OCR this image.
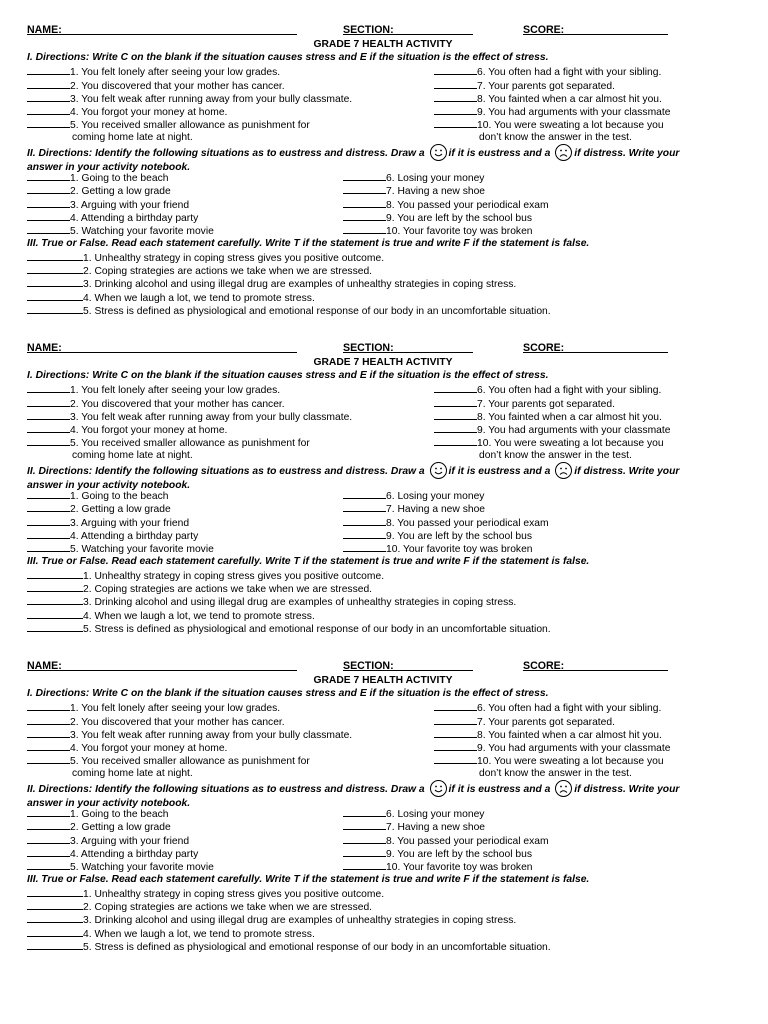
NAME:	SECTION:	SCORE:
GRADE 7 HEALTH ACTIVITY
I. Directions: Write C on the blank if the situation causes stress and E if the situation is the effect of stress.
1. You felt lonely after seeing your low grades.	6. You often had a fight with your sibling.
2. You discovered that your mother has cancer.	7. Your parents got separated.
3. You felt weak after running away from your bully classmate.	8. You fainted when a car almost hit you.
4. You forgot your money at home.	9. You had arguments with your classmate
5. You received smaller allowance as punishment for	10. You were sweating a lot because you
coming home late at night.	don’t know the answer in the test.
II. Directions: Identify the following situations as to eustress and distress. Draw a if it is eustress and a if distress. Write your
answer in your activity notebook.
1. Going to the beach	6. Losing your money
2. Getting a low grade	7. Having a new shoe
3. Arguing with your friend	8. You passed your periodical exam
4. Attending a birthday party	9. You are left by the school bus
5. Watching your favorite movie	10. Your favorite toy was broken
III. True or False. Read each statement carefully. Write T if the statement is true and write F if the statement is false.
1. Unhealthy strategy in coping stress gives you positive outcome.
2. Coping strategies are actions we take when we are stressed.
3. Drinking alcohol and using illegal drug are examples of unhealthy strategies in coping stress.
4. When we laugh a lot, we tend to promote stress.
5. Stress is defined as physiological and emotional response of our body in an uncomfortable situation.
NAME:	SECTION:	SCORE:
GRADE 7 HEALTH ACTIVITY
I. Directions: Write C on the blank if the situation causes stress and E if the situation is the effect of stress.
1. You felt lonely after seeing your low grades.	6. You often had a fight with your sibling.
2. You discovered that your mother has cancer.	7. Your parents got separated.
3. You felt weak after running away from your bully classmate.	8. You fainted when a car almost hit you.
4. You forgot your money at home.	9. You had arguments with your classmate
5. You received smaller allowance as punishment for	10. You were sweating a lot because you
coming home late at night.	don’t know the answer in the test.
II. Directions: Identify the following situations as to eustress and distress. Draw a if it is eustress and a if distress. Write your
answer in your activity notebook.
1. Going to the beach	6. Losing your money
2. Getting a low grade	7. Having a new shoe
3. Arguing with your friend	8. You passed your periodical exam
4. Attending a birthday party	9. You are left by the school bus
5. Watching your favorite movie	10. Your favorite toy was broken
III. True or False. Read each statement carefully. Write T if the statement is true and write F if the statement is false.
1. Unhealthy strategy in coping stress gives you positive outcome.
2. Coping strategies are actions we take when we are stressed.
3. Drinking alcohol and using illegal drug are examples of unhealthy strategies in coping stress.
4. When we laugh a lot, we tend to promote stress.
5. Stress is defined as physiological and emotional response of our body in an uncomfortable situation.
NAME:	SECTION:	SCORE:
GRADE 7 HEALTH ACTIVITY
I. Directions: Write C on the blank if the situation causes stress and E if the situation is the effect of stress.
1. You felt lonely after seeing your low grades.	6. You often had a fight with your sibling.
2. You discovered that your mother has cancer.	7. Your parents got separated.
3. You felt weak after running away from your bully classmate.	8. You fainted when a car almost hit you.
4. You forgot your money at home.	9. You had arguments with your classmate
5. You received smaller allowance as punishment for	10. You were sweating a lot because you
coming home late at night.	don’t know the answer in the test.
II. Directions: Identify the following situations as to eustress and distress. Draw a if it is eustress and a if distress. Write your
answer in your activity notebook.
1. Going to the beach	6. Losing your money
2. Getting a low grade	7. Having a new shoe
3. Arguing with your friend	8. You passed your periodical exam
4. Attending a birthday party	9. You are left by the school bus
5. Watching your favorite movie	10. Your favorite toy was broken
III. True or False. Read each statement carefully. Write T if the statement is true and write F if the statement is false.
1. Unhealthy strategy in coping stress gives you positive outcome.
2. Coping strategies are actions we take when we are stressed.
3. Drinking alcohol and using illegal drug are examples of unhealthy strategies in coping stress.
4. When we laugh a lot, we tend to promote stress.
5. Stress is defined as physiological and emotional response of our body in an uncomfortable situation.
